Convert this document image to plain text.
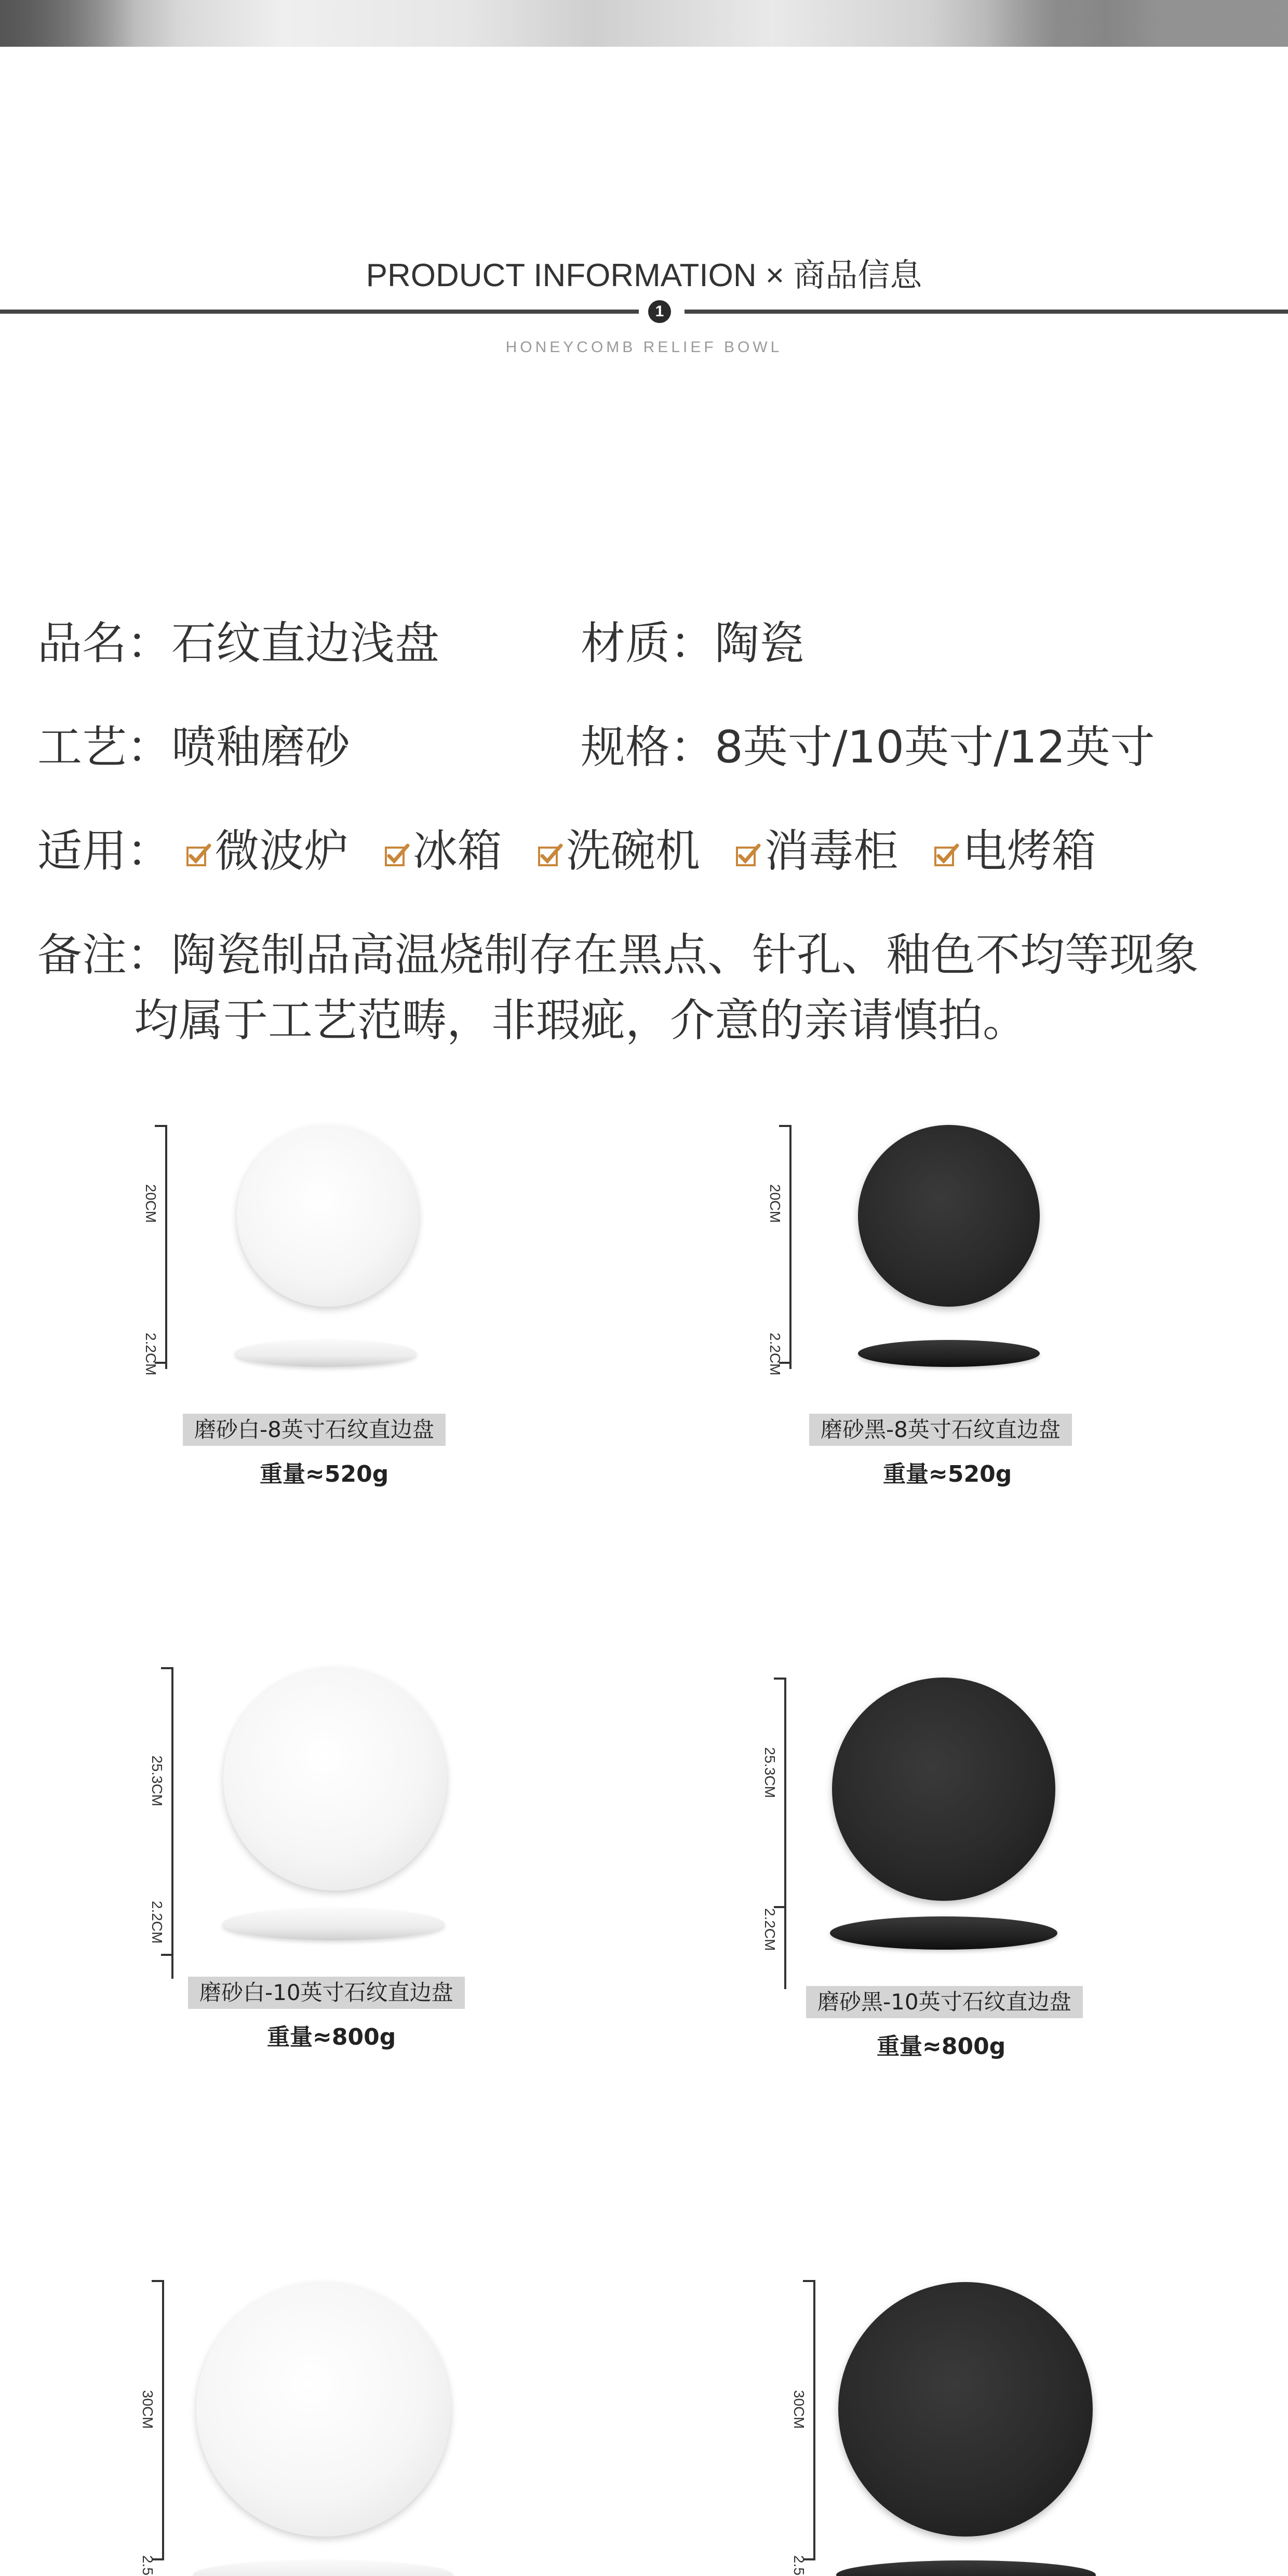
PRODUCT INFORMATION × 商品信息
1
HONEYCOMB RELIEF BOWL
品名：石纹直边浅盘	材质：陶瓷
工艺：喷釉磨砂	规格：8英寸/10英寸/12英寸
适用： 微波炉 冰箱 洗碗机 消毒柜 电烤箱
备注：陶瓷制品高温烧制存在黑点、针孔、釉色不均等现象
均属于工艺范畴，非瑕疵，介意的亲请慎拍。
20CM
2.2CM
磨砂白-8英寸石纹直边盘
重量≈520g
20CM
2.2CM
磨砂黑-8英寸石纹直边盘
重量≈520g
25.3CM
2.2CM
磨砂白-10英寸石纹直边盘
重量≈800g
25.3CM
2.2CM
磨砂黑-10英寸石纹直边盘
重量≈800g
30CM
2.5
30CM
2.5
